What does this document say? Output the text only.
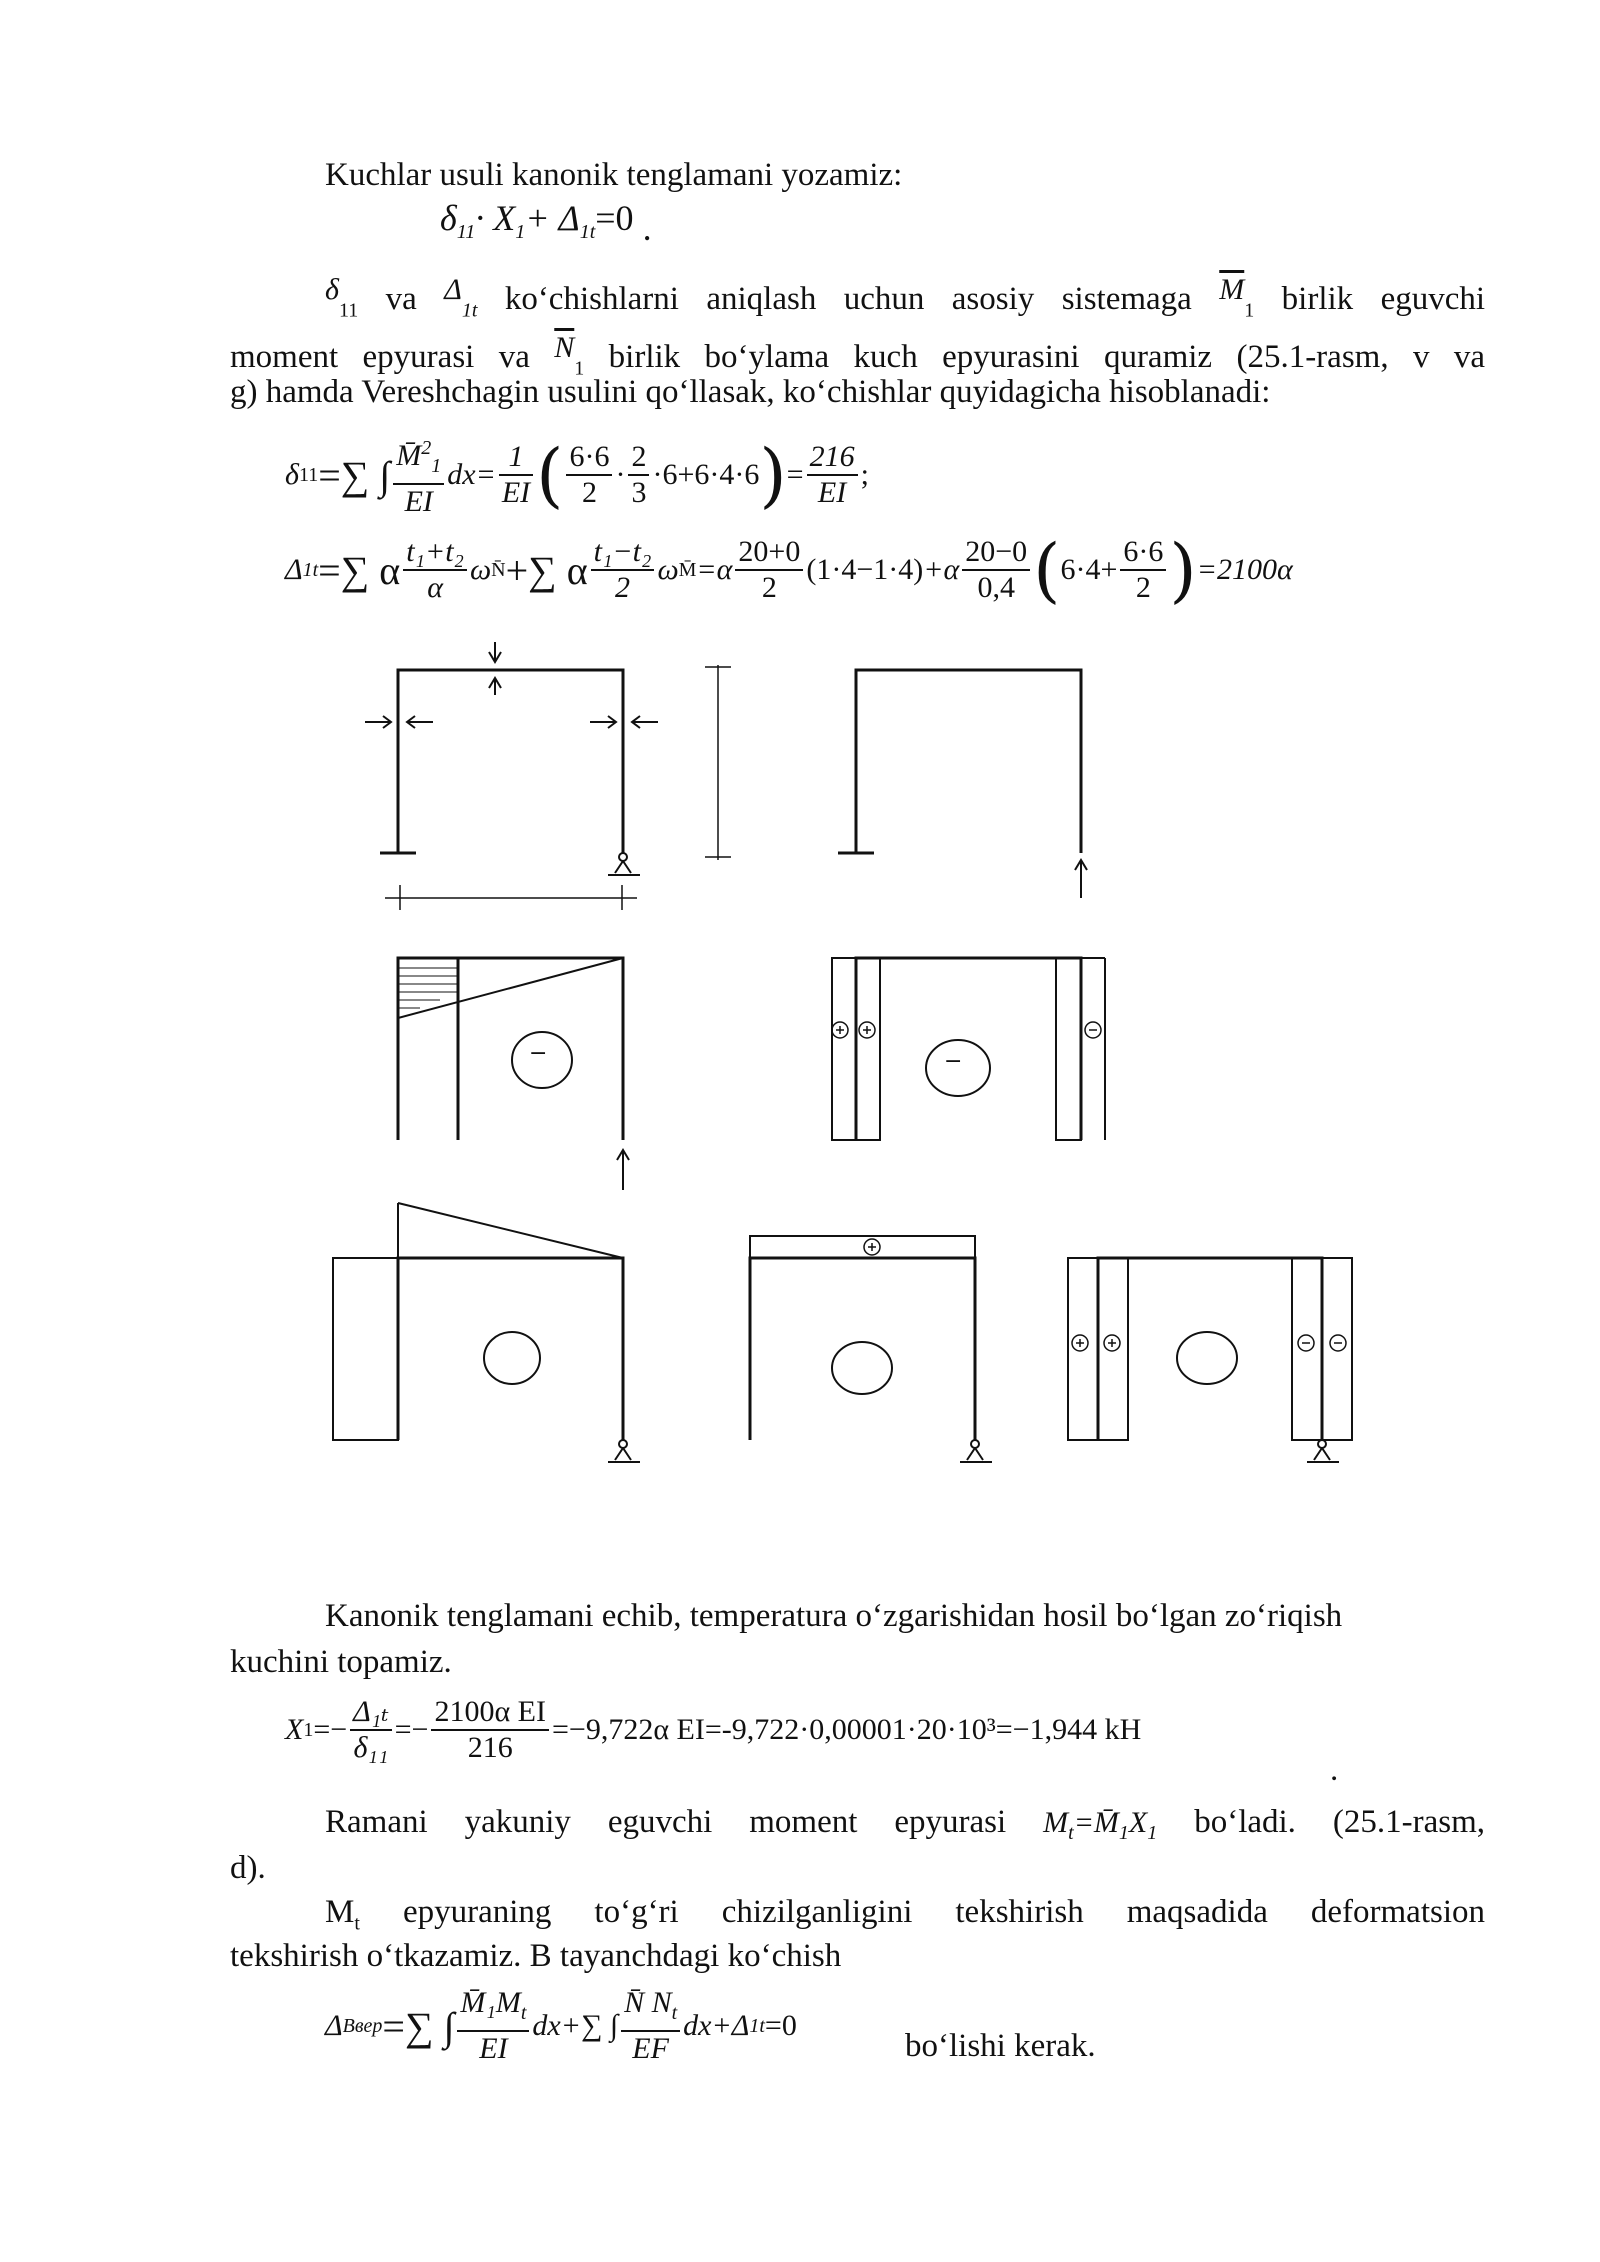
Kuchlar usuli kanonik tenglamani yozamiz:
$\delta_{11}\cdot X_1+ \Delta_{1t}=0$ .
$\delta_{11}$ va $\Delta_{1t}$ ko‘chishlarni aniqlash uchun asosiy sistemaga $\overline{M}_1$ birlik eguvchi
moment epyurasi va $\overline{N}_1$ birlik bo‘ylama kuch epyurasini quramiz (25.1-rasm, v va
g) hamda Vereshchagin usulini qo‘llasak, ko‘chishlar quyidagicha hisoblanadi:
δ 11 =∑ ∫ M̄$^2_1$
EI
$dx= \frac{1}{EI}$ ( 6·6
2
·
2
3
·6+6·4·6 ) = $\frac{216}{EI}$ ;
Δ 1t =∑ α t₁+t₂
α
ω N̄ +∑ α t₁−t₂
2
ω M̄ =α
20+0
2
(1·4−1·4) +α
20−0
0,4 ( $6\cdot 4+ \frac{6\cdot 6}{2}$ ) =2100α
−	−
Kanonik tenglamani echib, temperatura o‘zgarishidan hosil bo‘lgan zo‘riqish
kuchini topamiz.
X $1 =- \frac{\text{Δ₁ₜ}}{\text{δ₁₁}} =- \frac{\text{2100α EI}}{216} =-9,722\alpha$ EI=-9,722·0,00001·20·10³=−1,944 kH
.
Ramani yakuniy eguvchi moment epyurasi $M_t=M̄_1X_1$ bo‘ladi. (25.1-rasm,
d).
$M_t$ epyuraning to‘g‘ri chizilganligini tekshirish maqsadida deformatsion
tekshirish o‘tkazamiz. B tayanchdagi ko‘chish
Δ B вер =∑ ∫
$M̄_1M_t$
EI
dx+∑ ∫
N̄ $N_t$
EF
dx+Δ 1t =0
bo‘lishi kerak.
